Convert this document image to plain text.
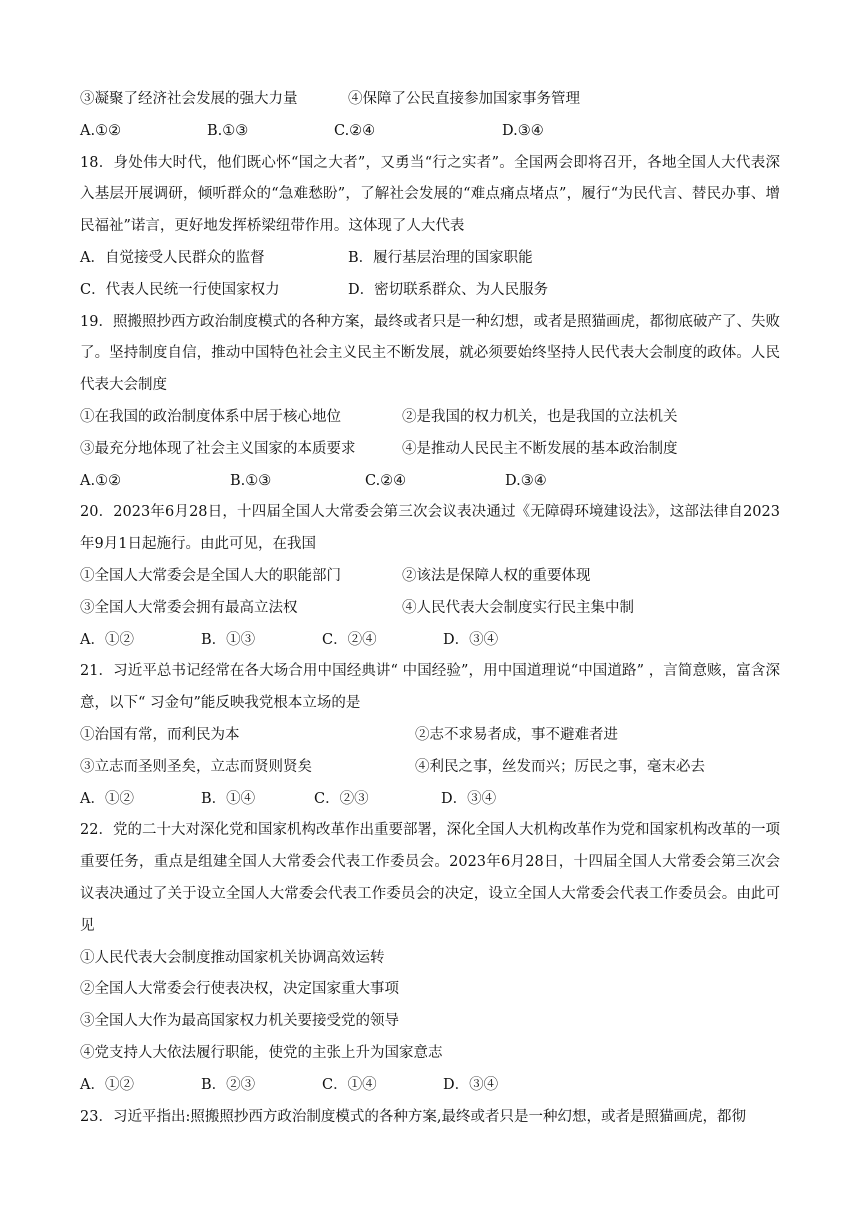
③凝聚了经济社会发展的强大力量	④保障了公民直接参加国家事务管理
A.①②	B.①③	C.②④	D.③④
18．身处伟大时代，他们既心怀“国之大者”，又勇当“行之实者”。全国两会即将召开，各地全国人大代表深入基层开展调研，倾听群众的“急难愁盼”，了解社会发展的“难点痛点堵点”，履行“为民代言、替民办事、增民福祉”诺言，更好地发挥桥梁纽带作用。这体现了人大代表
A．自觉接受人民群众的监督	B．履行基层治理的国家职能
C．代表人民统一行使国家权力	D．密切联系群众、为人民服务
19．照搬照抄西方政治制度模式的各种方案，最终或者只是一种幻想，或者是照猫画虎，都彻底破产了、失败了。坚持制度自信，推动中国特色社会主义民主不断发展，就必须要始终坚持人民代表大会制度的政体。人民代表大会制度
①在我国的政治制度体系中居于核心地位	②是我国的权力机关，也是我国的立法机关
③最充分地体现了社会主义国家的本质要求	④是推动人民民主不断发展的基本政治制度
A.①②	B.①③	C.②④	D.③④
20．2023年6月28日，十四届全国人大常委会第三次会议表决通过《无障碍环境建设法》，这部法律自2023年9月1日起施行。由此可见，在我国
①全国人大常委会是全国人大的职能部门	②该法是保障人权的重要体现
③全国人大常委会拥有最高立法权	④人民代表大会制度实行民主集中制
A．①②	B．①③	C．②④	D．③④
21．习近平总书记经常在各大场合用中国经典讲“ 中国经验”，用中国道理说“中国道路” ，言简意赅，富含深意，以下“ 习金句”能反映我党根本立场的是
①治国有常，而利民为本	②志不求易者成，事不避难者进
③立志而圣则圣矣，立志而贤则贤矣	④利民之事，丝发而兴；厉民之事，毫末必去
A．①②	B．①④	C．②③	D．③④
22．党的二十大对深化党和国家机构改革作出重要部署，深化全国人大机构改革作为党和国家机构改革的一项重要任务，重点是组建全国人大常委会代表工作委员会。2023年6月28日，十四届全国人大常委会第三次会议表决通过了关于设立全国人大常委会代表工作委员会的决定，设立全国人大常委会代表工作委员会。由此可见
①人民代表大会制度推动国家机关协调高效运转
②全国人大常委会行使表决权，决定国家重大事项
③全国人大作为最高国家权力机关要接受党的领导
④党支持人大依法履行职能，使党的主张上升为国家意志
A．①②	B．②③	C．①④	D．③④
23．习近平指出:照搬照抄西方政治制度模式的各种方案,最终或者只是一种幻想，或者是照猫画虎，都彻
